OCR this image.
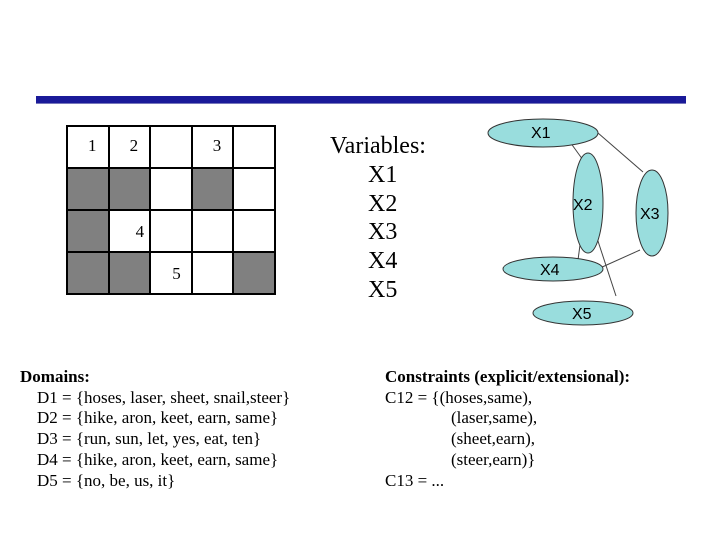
1 2	3
4
5
Variables:
X1
X2
X3
X4
X5
X1
X2
X3
X4
X5
Domains:
D1 = {hoses, laser, sheet, snail,steer}
D2 = {hike, aron, keet, earn, same}
D3 = {run, sun, let, yes, eat, ten}
D4 = {hike, aron, keet, earn, same}
D5 = {no, be, us, it}
Constraints (explicit/extensional):
C12 = {(hoses,same),
(laser,same),
(sheet,earn),
(steer,earn)}
C13 = ...
